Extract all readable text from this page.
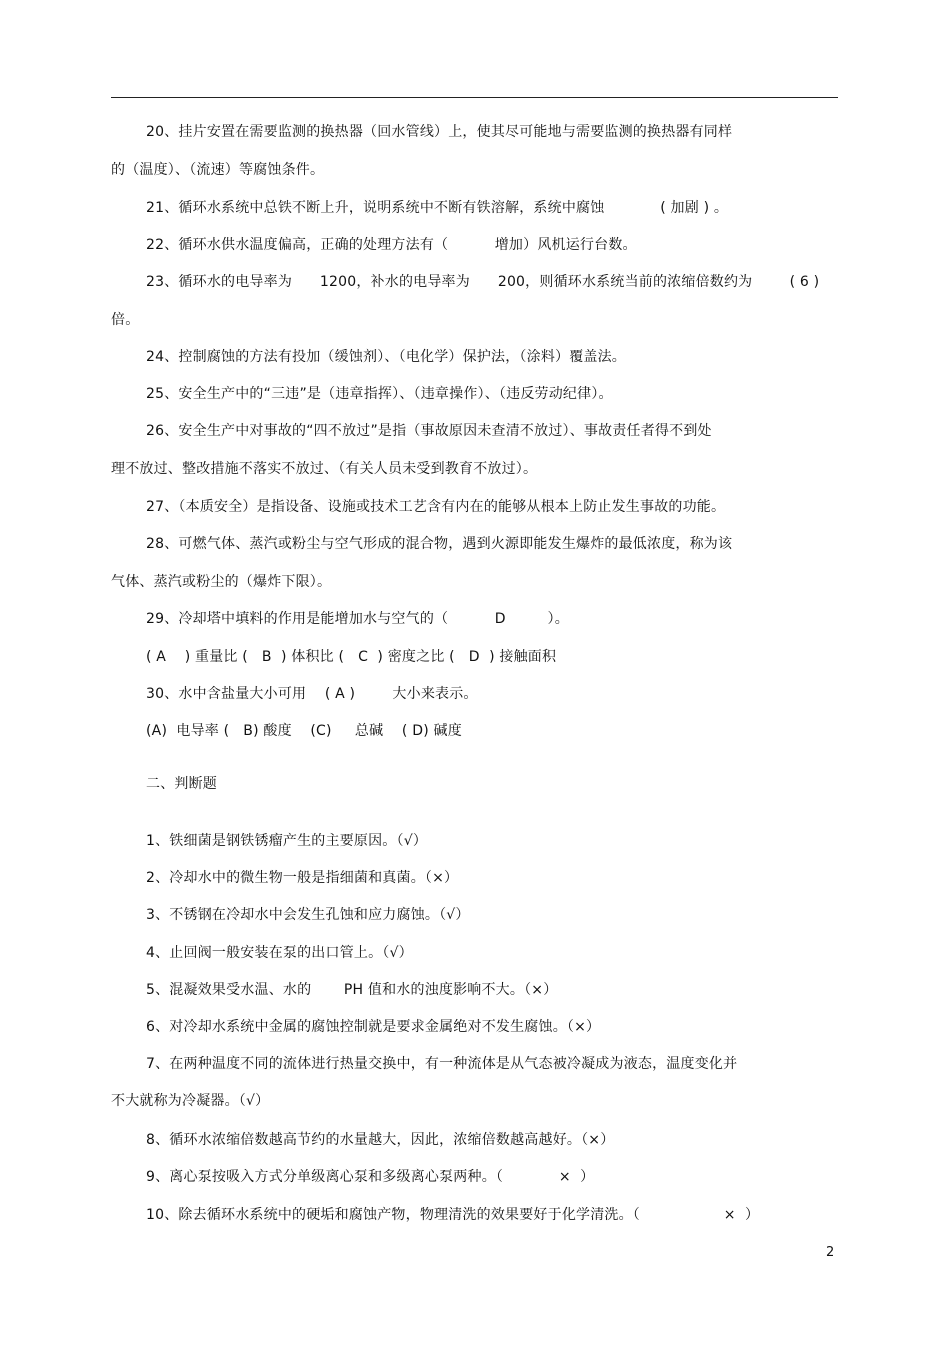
20、挂片安置在需要监测的换热器（回水管线）上，使其尽可能地与需要监测的换热器有同样
的（温度）、（流速）等腐蚀条件。
21、循环水系统中总铁不断上升，说明系统中不断有铁溶解，系统中腐蚀            ( 加剧 ) 。
22、循环水供水温度偏高，正确的处理方法有（          增加）风机运行台数。
23、循环水的电导率为      1200，补水的电导率为      200，则循环水系统当前的浓缩倍数约为        ( 6 )
倍。
24、控制腐蚀的方法有投加（缓蚀剂）、（电化学）保护法，（涂料）覆盖法。
25、安全生产中的“三违”是（违章指挥）、（违章操作）、（违反劳动纪律）。
26、安全生产中对事故的“四不放过”是指（事故原因未查清不放过）、事故责任者得不到处
理不放过、整改措施不落实不放过、（有关人员未受到教育不放过）。
27、（本质安全）是指设备、设施或技术工艺含有内在的能够从根本上防止发生事故的功能。
28、可燃气体、蒸汽或粉尘与空气形成的混合物，遇到火源即能发生爆炸的最低浓度，称为该
气体、蒸汽或粉尘的（爆炸下限）。
29、冷却塔中填料的作用是能增加水与空气的（          D         ）。
( A    ) 重量比 (   B  ) 体积比 (   C  ) 密度之比 (   D  ) 接触面积
30、水中含盐量大小可用    ( A )        大小来表示。
(A)  电导率 (   B) 酸度    (C)     总碱    ( D) 碱度
二、判断题
1、铁细菌是钢铁锈瘤产生的主要原因。（√）
2、冷却水中的微生物一般是指细菌和真菌。（×）
3、不锈钢在冷却水中会发生孔蚀和应力腐蚀。（√）
4、止回阀一般安装在泵的出口管上。（√）
5、混凝效果受水温、水的       PH 值和水的浊度影响不大。（×）
6、对冷却水系统中金属的腐蚀控制就是要求金属绝对不发生腐蚀。（×）
7、在两种温度不同的流体进行热量交换中，有一种流体是从气态被冷凝成为液态，温度变化并
不大就称为冷凝器。（√）
8、循环水浓缩倍数越高节约的水量越大，因此，浓缩倍数越高越好。（×）
9、离心泵按吸入方式分单级离心泵和多级离心泵两种。（            ×  ）
10、除去循环水系统中的硬垢和腐蚀产物，物理清洗的效果要好于化学清洗。（                  ×  ）
2
